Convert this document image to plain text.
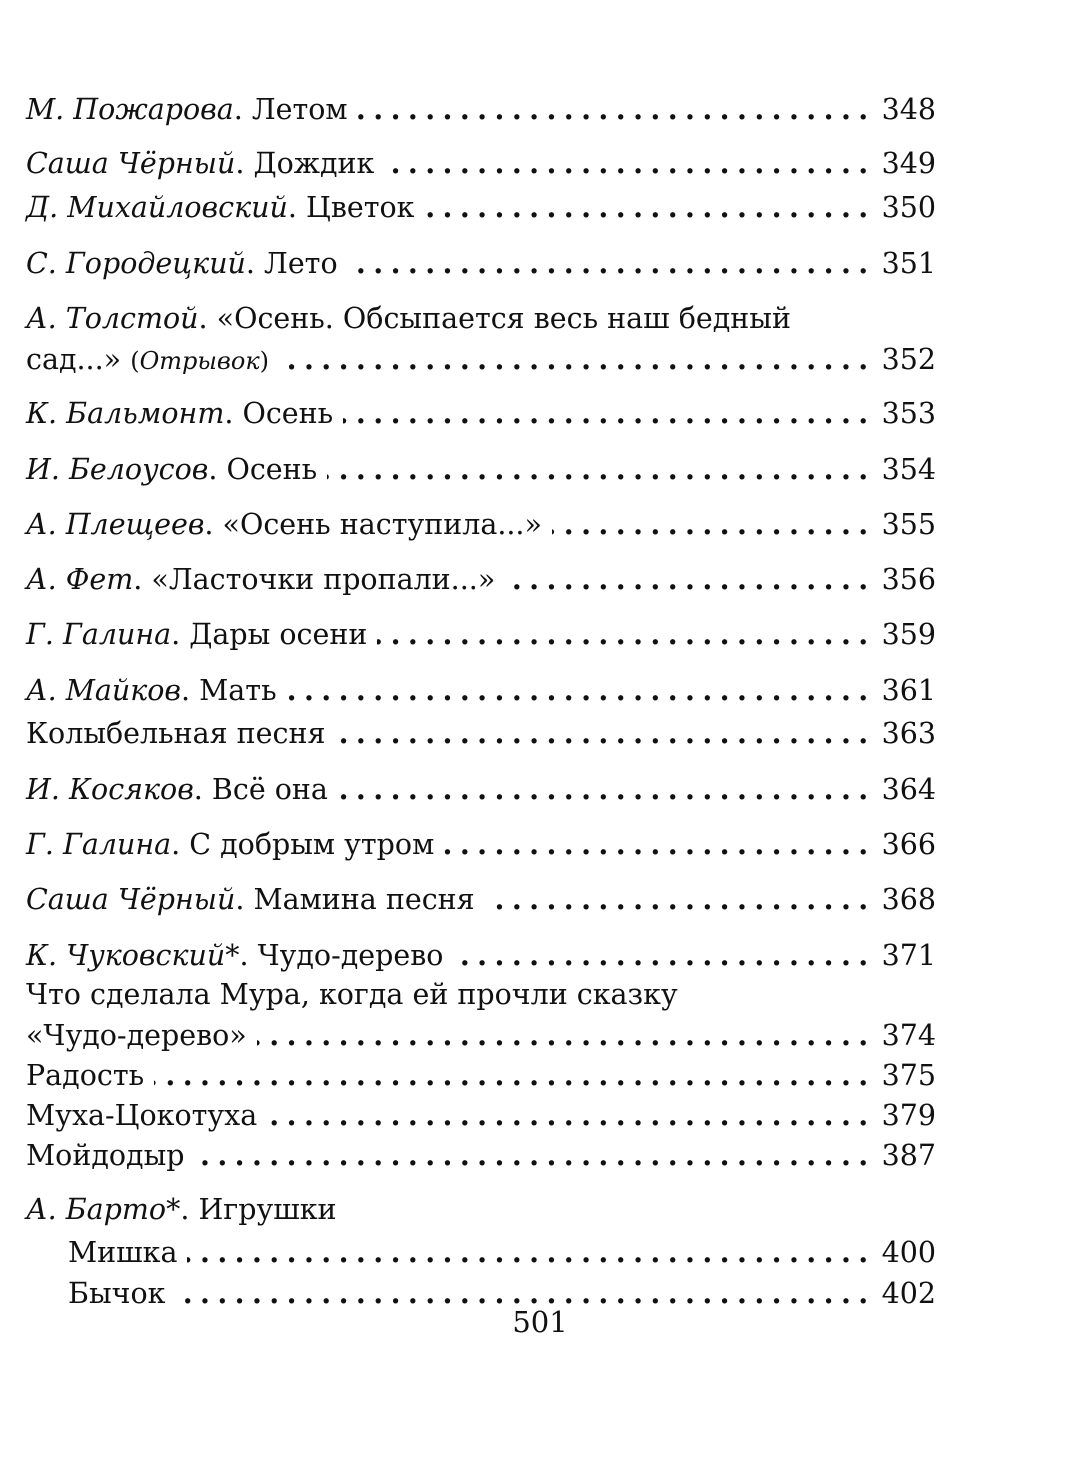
М. Пожарова. Летом .....	348
Саша Чёрный. Дождик .....	349
Д. Михайловский. Цветок .....	350
С. Городецкий. Лето .....	351
А. Толстой. «Осень. Обсыпается весь наш бедный
сад...» (Отрывок) .....	352
К. Бальмонт. Осень .....	353
И. Белоусов. Осень .....	354
А. Плещеев. «Осень наступила...» .....	355
А. Фет. «Ласточки пропали...» .....	356
Г. Галина. Дары осени .....	359
А. Майков. Мать .....	361
Колыбельная песня .....	363
И. Косяков. Всё она .....	364
Г. Галина. С добрым утром .....	366
Саша Чёрный. Мамина песня .....	368
К. Чуковский*. Чудо-дерево .....	371
Что сделала Мура, когда ей прочли сказку
«Чудо-дерево» .....	374
Радость .....	375
Муха-Цокотуха .....	379
Мойдодыр .....	387
А. Барто*. Игрушки
Мишка .....	400
Бычок .....	402
501
